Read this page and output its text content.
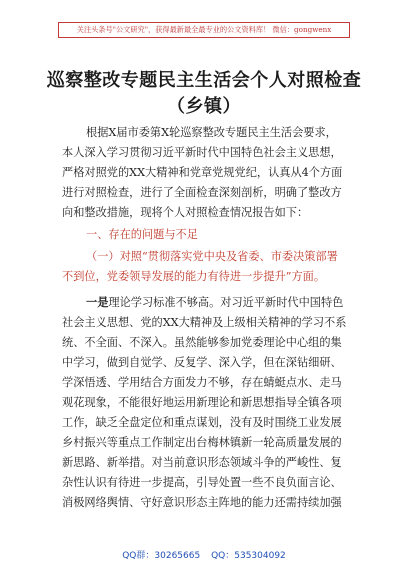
关注头条号"公文研究"，获得最新最全最专业的公文资料库！ 微信：gongwenx
巡察整改专题民主生活会个人对照检查
（乡镇）
根据X届市委第X轮巡察整改专题民主生活会要求，
本人深入学习贯彻习近平新时代中国特色社会主义思想，
严格对照党的XX大精神和党章党规党纪，认真从4个方面
进行对照检查，进行了全面检查深刻剖析，明确了整改方
向和整改措施，现将个人对照检查情况报告如下：
一、存在的问题与不足
（一）对照“贯彻落实党中央及省委、市委决策部署
不到位，党委领导发展的能力有待进一步提升”方面。
一是理论学习标准不够高。对习近平新时代中国特色
社会主义思想、党的XX大精神及上级相关精神的学习不系
统、不全面、不深入。虽然能够参加党委理论中心组的集
中学习，做到自觉学、反复学、深入学，但在深钻细研、
学深悟透、学用结合方面发力不够，存在蜻蜓点水、走马
观花现象，不能很好地运用新理论和新思想指导全镇各项
工作，缺乏全盘定位和重点谋划，没有及时围绕工业发展
乡村振兴等重点工作制定出台梅林镇新一轮高质量发展的
新思路、新举措。对当前意识形态领域斗争的严峻性、复
杂性认识有待进一步提高，引导处置一些不良负面言论、
消极网络舆情、守好意识形态主阵地的能力还需持续加强
QQ群：30265665 QQ：535304092
